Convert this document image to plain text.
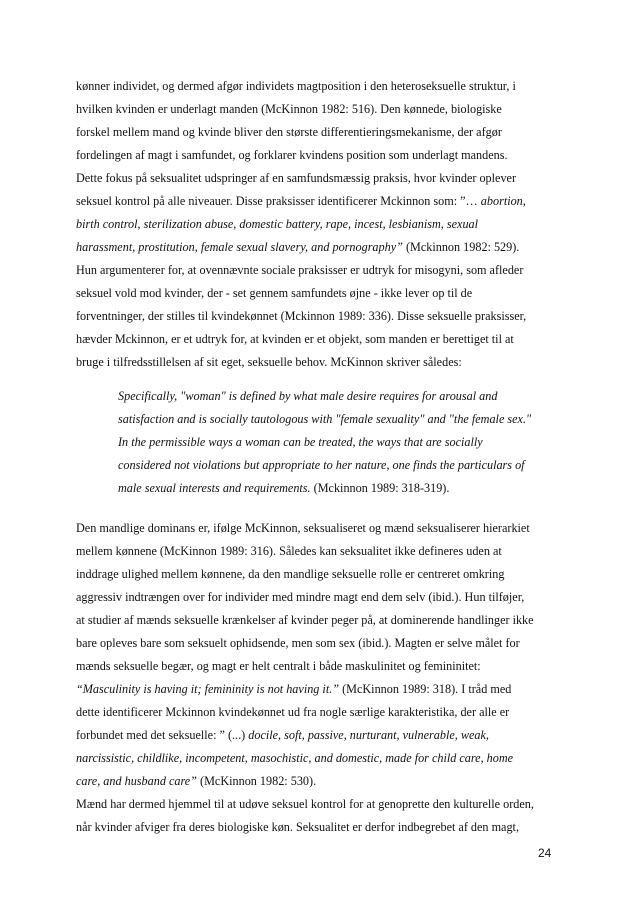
kønner individet, og dermed afgør individets magtposition i den heteroseksuelle struktur, i
hvilken kvinden er underlagt manden (McKinnon 1982: 516). Den kønnede, biologiske
forskel mellem mand og kvinde bliver den største differentieringsmekanisme, der afgør
fordelingen af magt i samfundet, og forklarer kvindens position som underlagt mandens.
Dette fokus på seksualitet udspringer af en samfundsmæssig praksis, hvor kvinder oplever
seksuel kontrol på alle niveauer. Disse praksisser identificerer Mckinnon som: ”… abortion,
birth control, sterilization abuse, domestic battery, rape, incest, lesbianism, sexual
harassment, prostitution, female sexual slavery, and pornography” (Mckinnon 1982: 529).
Hun argumenterer for, at ovennævnte sociale praksisser er udtryk for misogyni, som afleder
seksuel vold mod kvinder, der - set gennem samfundets øjne - ikke lever op til de
forventninger, der stilles til kvindekønnet (Mckinnon 1989: 336). Disse seksuelle praksisser,
hævder Mckinnon, er et udtryk for, at kvinden er et objekt, som manden er berettiget til at
bruge i tilfredsstillelsen af sit eget, seksuelle behov. McKinnon skriver således:
Specifically, "woman" is defined by what male desire requires for arousal and
satisfaction and is socially tautologous with "female sexuality" and "the female sex."
In the permissible ways a woman can be treated, the ways that are socially
considered not violations but appropriate to her nature, one finds the particulars of
male sexual interests and requirements. (Mckinnon 1989: 318-319).
Den mandlige dominans er, ifølge McKinnon, seksualiseret og mænd seksualiserer hierarkiet
mellem kønnene (McKinnon 1989: 316). Således kan seksualitet ikke defineres uden at
inddrage ulighed mellem kønnene, da den mandlige seksuelle rolle er centreret omkring
aggressiv indtrængen over for individer med mindre magt end dem selv (ibid.). Hun tilføjer,
at studier af mænds seksuelle krænkelser af kvinder peger på, at dominerende handlinger ikke
bare opleves bare som seksuelt ophidsende, men som sex (ibid.). Magten er selve målet for
mænds seksuelle begær, og magt er helt centralt i både maskulinitet og femininitet:
“Masculinity is having it; femininity is not having it.” (McKinnon 1989: 318). I tråd med
dette identificerer Mckinnon kvindekønnet ud fra nogle særlige karakteristika, der alle er
forbundet med det seksuelle: ” (...) docile, soft, passive, nurturant, vulnerable, weak,
narcissistic, childlike, incompetent, masochistic, and domestic, made for child care, home
care, and husband care” (McKinnon 1982: 530).
Mænd har dermed hjemmel til at udøve seksuel kontrol for at genoprette den kulturelle orden,
når kvinder afviger fra deres biologiske køn. Seksualitet er derfor indbegrebet af den magt,
24
